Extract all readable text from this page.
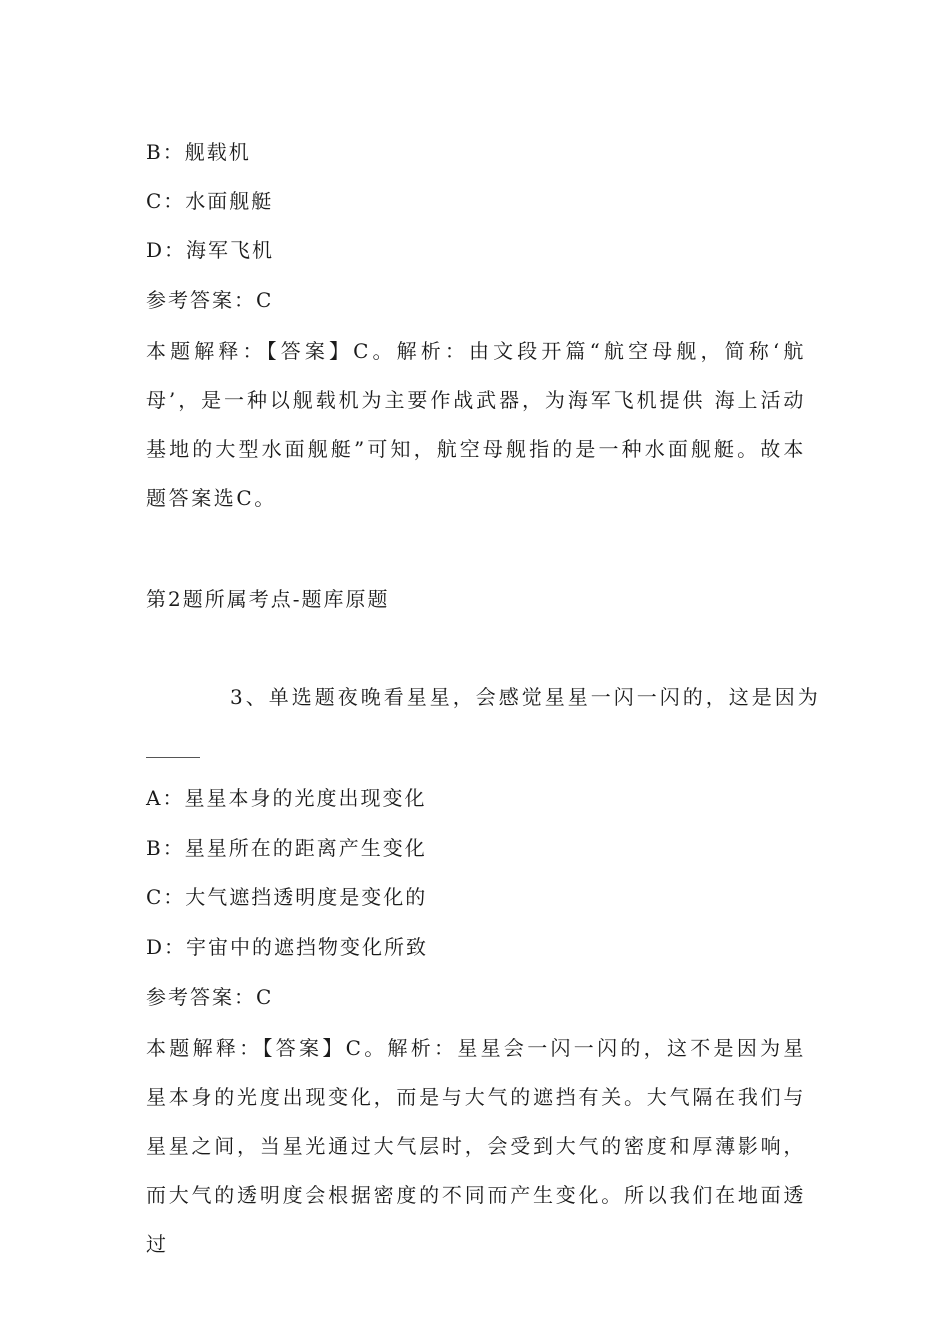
B：舰载机
C：水面舰艇
D：海军飞机
参考答案：C
本题解释：【答案】C。解析：由文段开篇“航空母舰，简称‘航母’，是一种以舰载机为主要作战武器，为海军飞机提供 海上活动基地的大型水面舰艇”可知，航空母舰指的是一种水面舰艇。故本题答案选C。
第2题所属考点-题库原题
3、单选题夜晚看星星，会感觉星星一闪一闪的，这是因为
A：星星本身的光度出现变化
B：星星所在的距离产生变化
C：大气遮挡透明度是变化的
D：宇宙中的遮挡物变化所致
参考答案：C
本题解释：【答案】C。解析：星星会一闪一闪的，这不是因为星星本身的光度出现变化，而是与大气的遮挡有关。大气隔在我们与星星之间，当星光通过大气层时，会受到大气的密度和厚薄影响，而大气的透明度会根据密度的不同而产生变化。所以我们在地面透过
